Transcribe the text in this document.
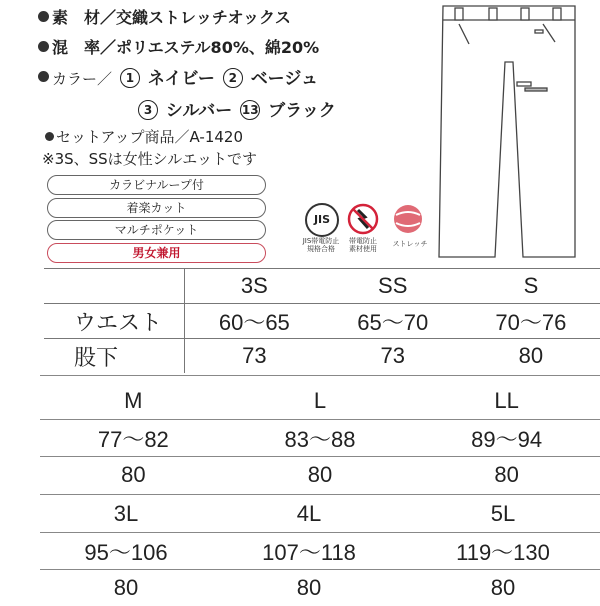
素　材／交織ストレッチオックス
混　率／ポリエステル80%、綿20%
カラー／ 1 ネイビー 2 ベージュ
3 シルバー 13 ブラック
セットアップ商品／A-1420
※3S、SSは女性シルエットです
カラビナループ付
着楽カット
マルチポケット
男女兼用
JIS
JIS帯電防止
規格合格
帯電防止
素材使用
ストレッチ
	3S	SS	S
ウエスト	60〜65	65〜70	70〜76
股下	73	73	80
M	L	LL
77〜82	83〜88	89〜94
80	80	80
3L	4L	5L
95〜106	107〜118	119〜130
80	80	80
